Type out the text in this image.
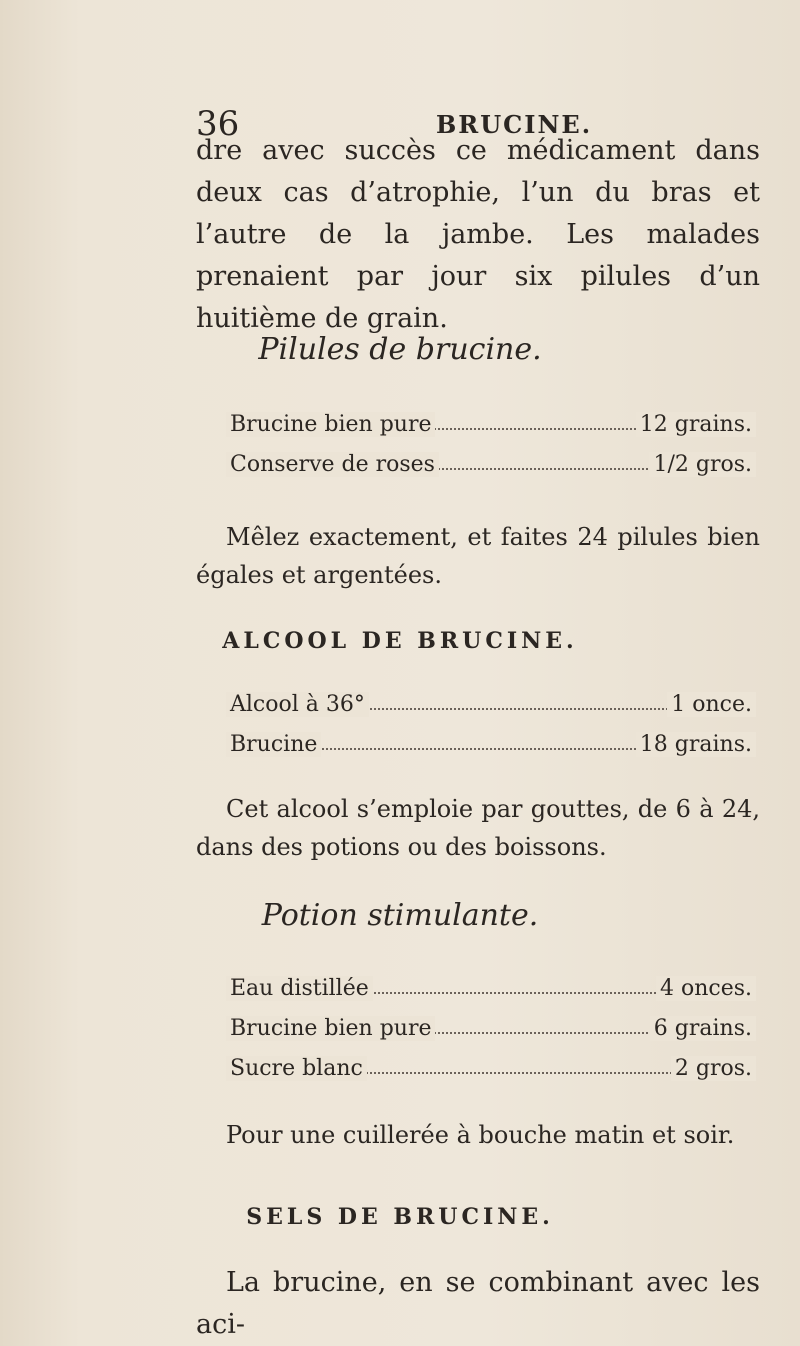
36	BRUCINE.

dre avec succès ce médicament dans deux cas d’atrophie, l’un du bras et l’autre de la jambe. Les malades prenaient par jour six pilules d’un huitième de grain.

Pilules de brucine.
Brucine bien pure	12 grains.
Conserve de roses	1/2 gros.

Mêlez exactement, et faites 24 pilules bien égales et argentées.

ALCOOL DE BRUCINE.
Alcool à 36°	1 once.
Brucine	18 grains.

Cet alcool s’emploie par gouttes, de 6 à 24, dans des potions ou des boissons.

Potion stimulante.
Eau distillée	4 onces.
Brucine bien pure	6 grains.
Sucre blanc	2 gros.

Pour une cuillerée à bouche matin et soir.

SELS DE BRUCINE.

La brucine, en se combinant avec les aci-
